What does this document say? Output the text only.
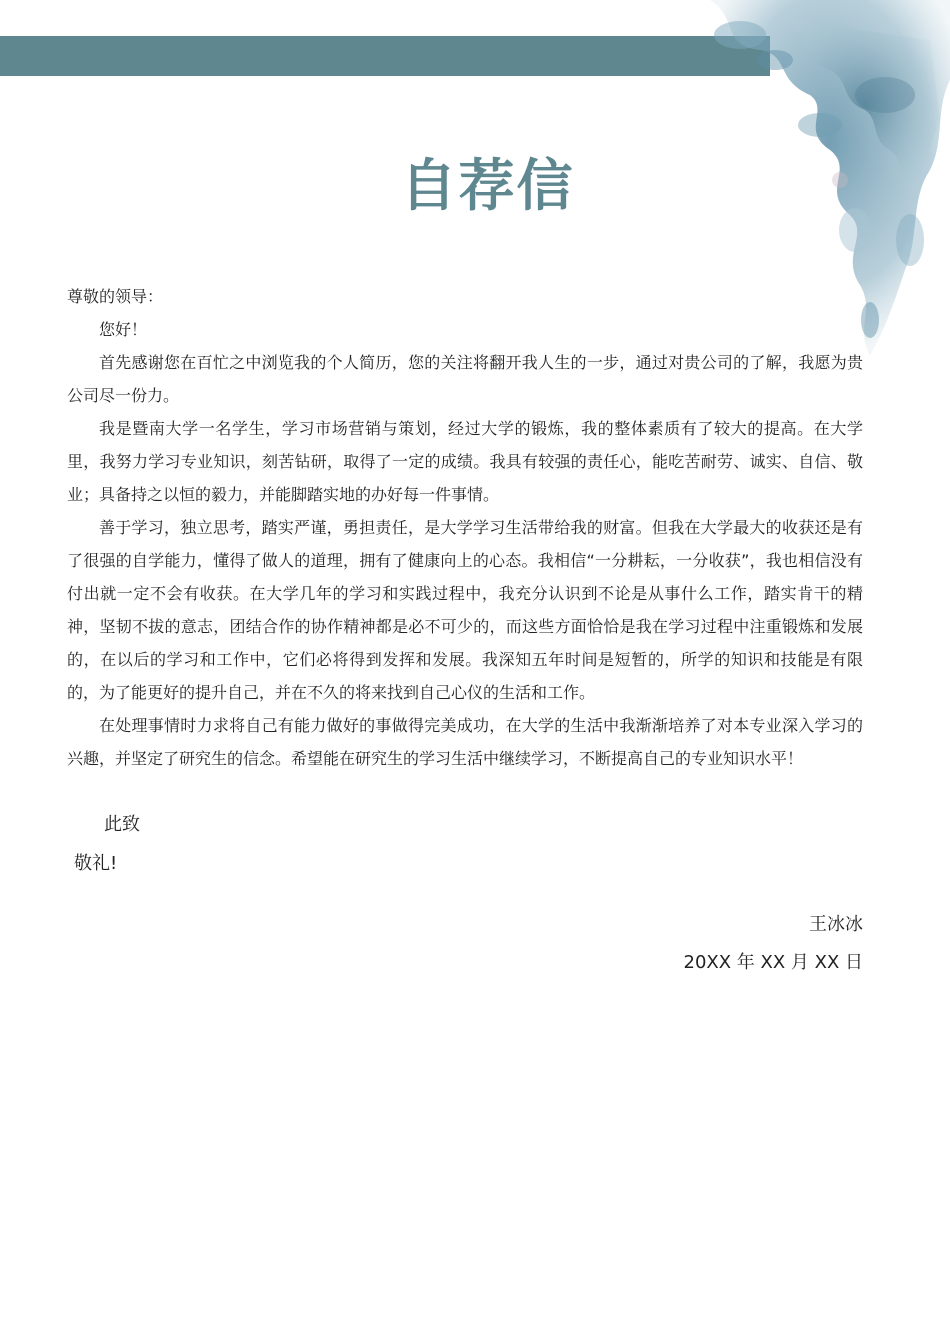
自荐信

尊敬的领导：

您好！

首先感谢您在百忙之中浏览我的个人简历，您的关注将翻开我人生的一步，通过对贵公司的了解，我愿为贵公司尽一份力。

我是暨南大学一名学生，学习市场营销与策划，经过大学的锻炼，我的整体素质有了较大的提高。在大学里，我努力学习专业知识，刻苦钻研，取得了一定的成绩。我具有较强的责任心，能吃苦耐劳、诚实、自信、敬业；具备持之以恒的毅力，并能脚踏实地的办好每一件事情。

善于学习，独立思考，踏实严谨，勇担责任，是大学学习生活带给我的财富。但我在大学最大的收获还是有了很强的自学能力，懂得了做人的道理，拥有了健康向上的心态。我相信“一分耕耘，一分收获”，我也相信没有付出就一定不会有收获。在大学几年的学习和实践过程中，我充分认识到不论是从事什么工作，踏实肯干的精神，坚韧不拔的意志，团结合作的协作精神都是必不可少的，而这些方面恰恰是我在学习过程中注重锻炼和发展的，在以后的学习和工作中，它们必将得到发挥和发展。我深知五年时间是短暂的，所学的知识和技能是有限的，为了能更好的提升自己，并在不久的将来找到自己心仪的生活和工作。

在处理事情时力求将自己有能力做好的事做得完美成功，在大学的生活中我渐渐培养了对本专业深入学习的兴趣，并坚定了研究生的信念。希望能在研究生的学习生活中继续学习，不断提高自己的专业知识水平！

此致

敬礼!

王冰冰

20XX 年 XX 月 XX 日
